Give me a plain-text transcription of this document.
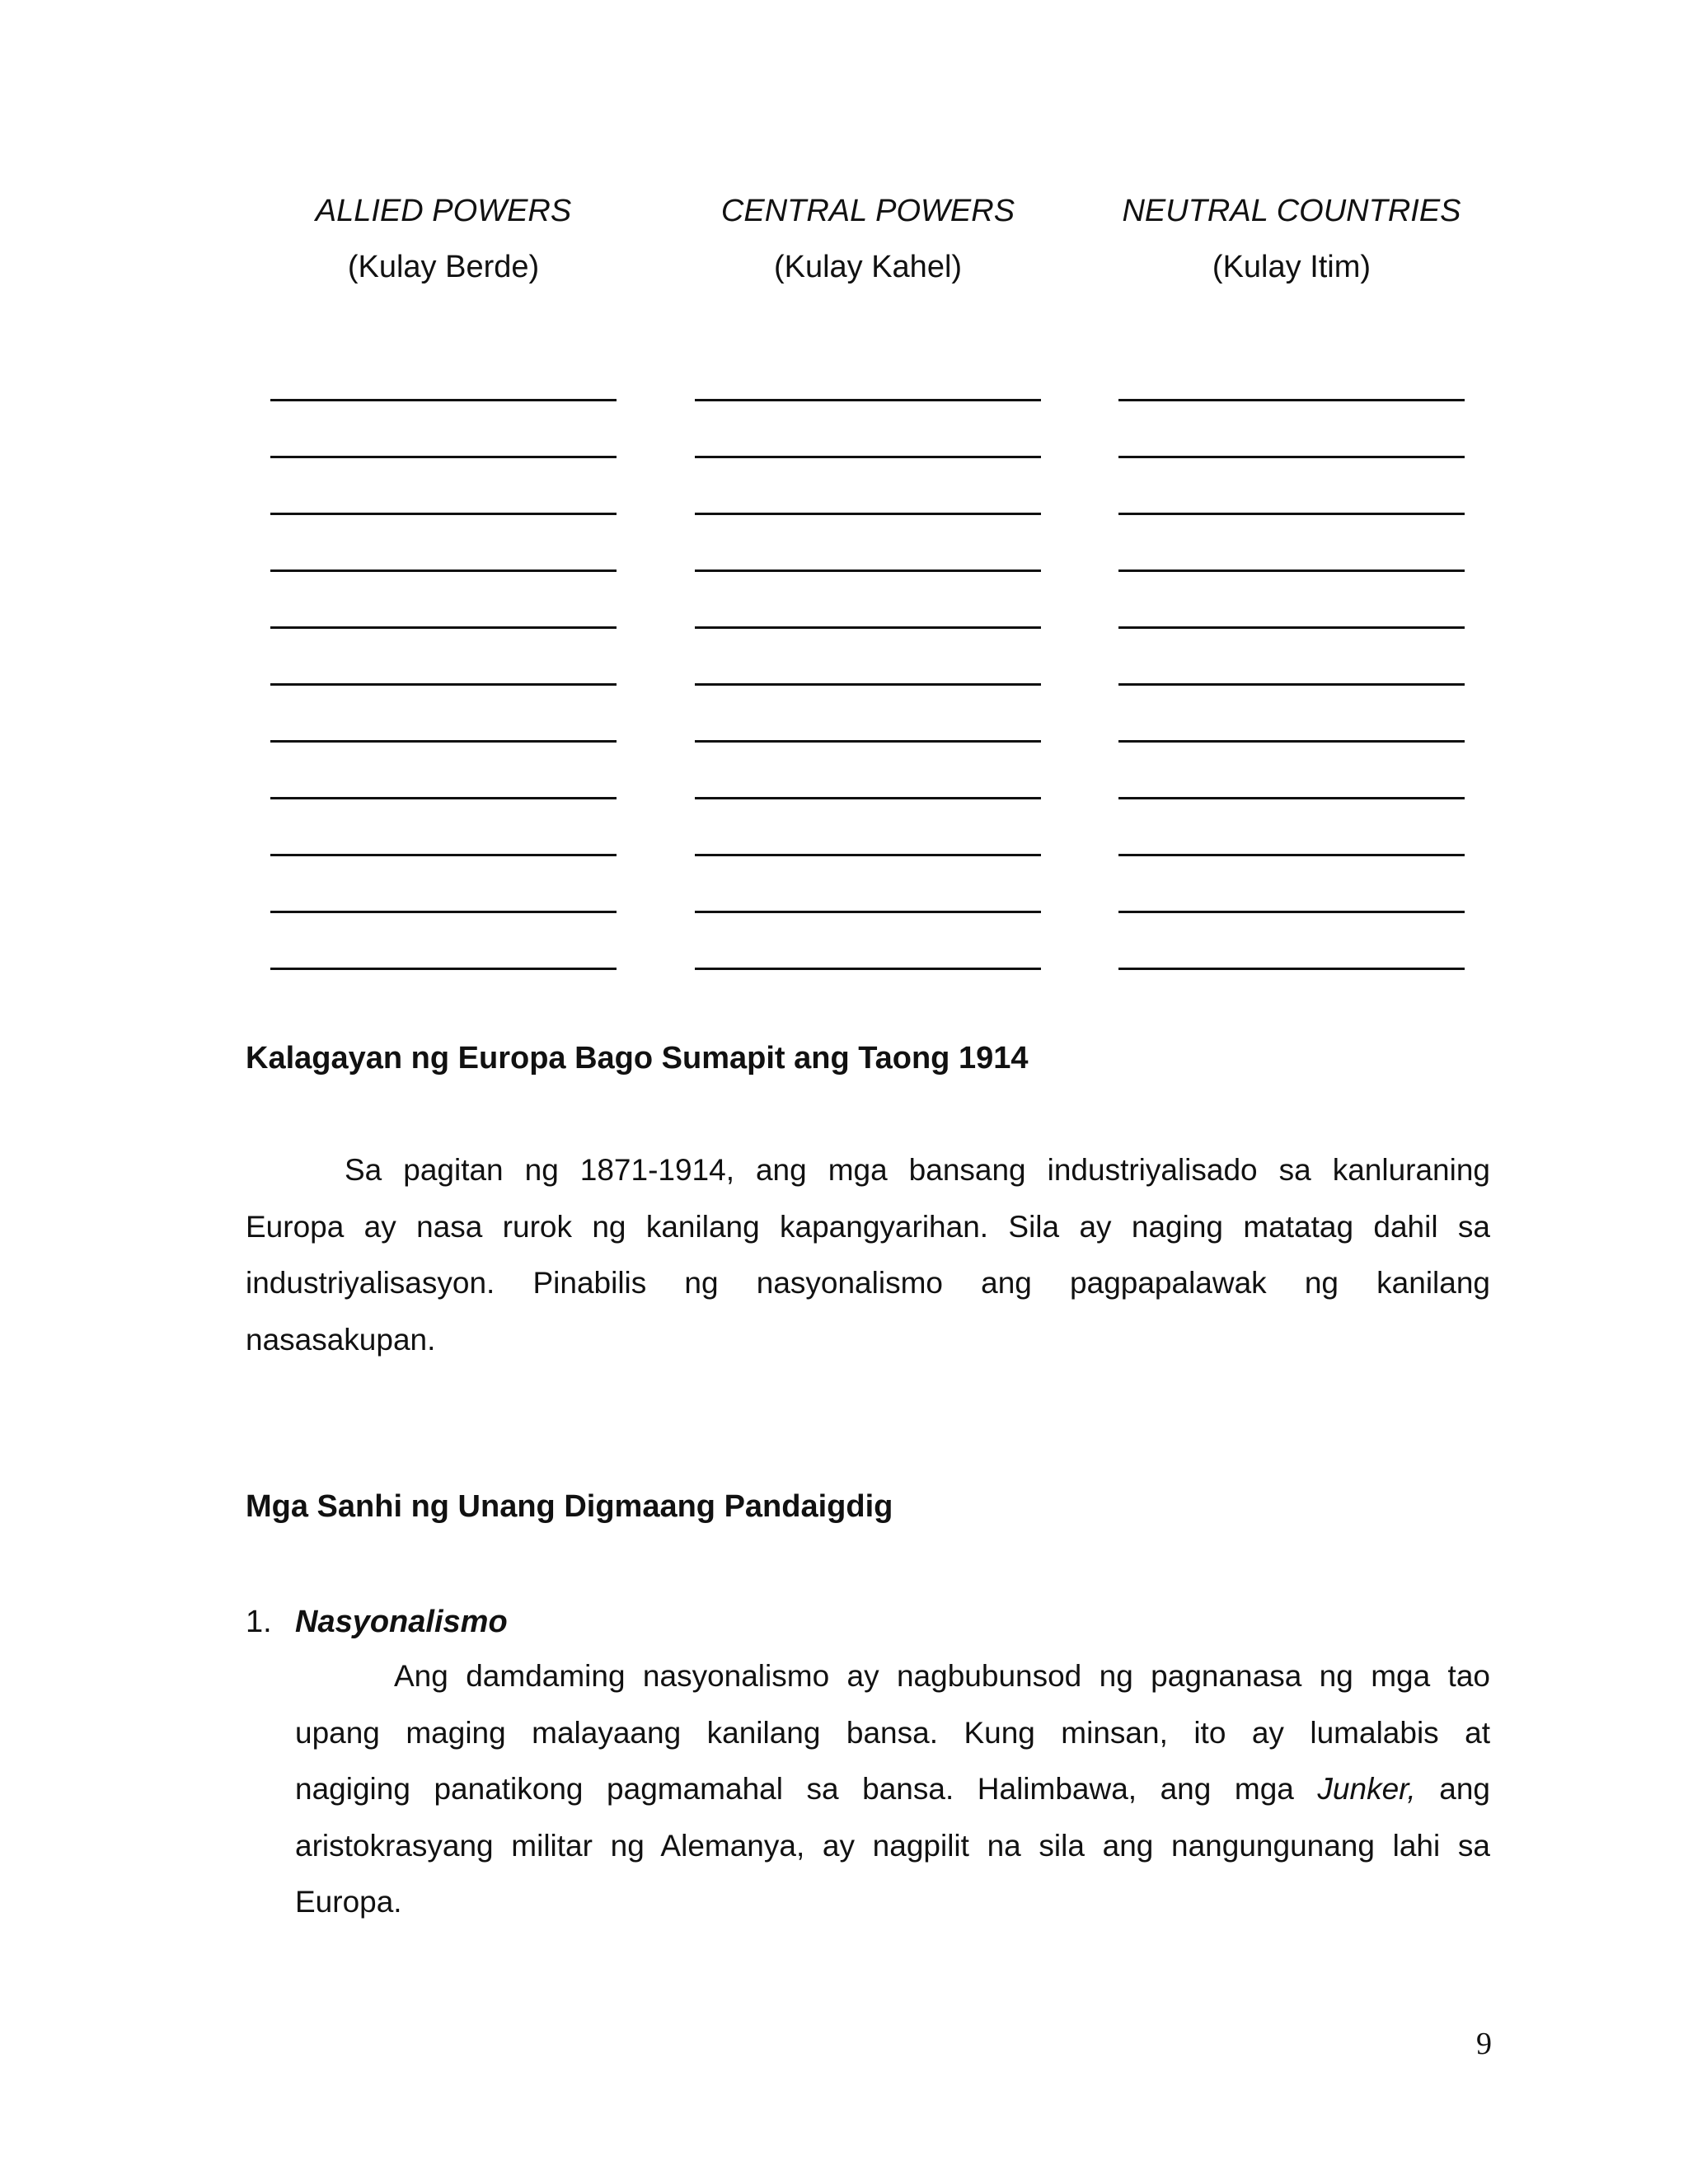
ALLIED POWERS
(Kulay Berde)
CENTRAL POWERS
(Kulay Kahel)
NEUTRAL COUNTRIES
(Kulay Itim)
Kalagayan ng Europa Bago Sumapit ang Taong 1914
Sa pagitan ng 1871-1914, ang mga bansang industriyalisado sa kanluraning
Europa ay nasa rurok ng kanilang kapangyarihan. Sila ay naging matatag dahil sa
industriyalisasyon. Pinabilis ng nasyonalismo ang pagpapalawak ng kanilang
nasasakupan.
Mga Sanhi ng Unang Digmaang Pandaigdig
1. Nasyonalismo
Ang damdaming nasyonalismo ay nagbubunsod ng pagnanasa ng mga tao
upang maging malayaang kanilang bansa. Kung minsan, ito ay lumalabis at
nagiging panatikong pagmamahal sa bansa. Halimbawa, ang mga Junker, ang
aristokrasyang militar ng Alemanya, ay nagpilit na sila ang nangungunang lahi sa
Europa.
9
